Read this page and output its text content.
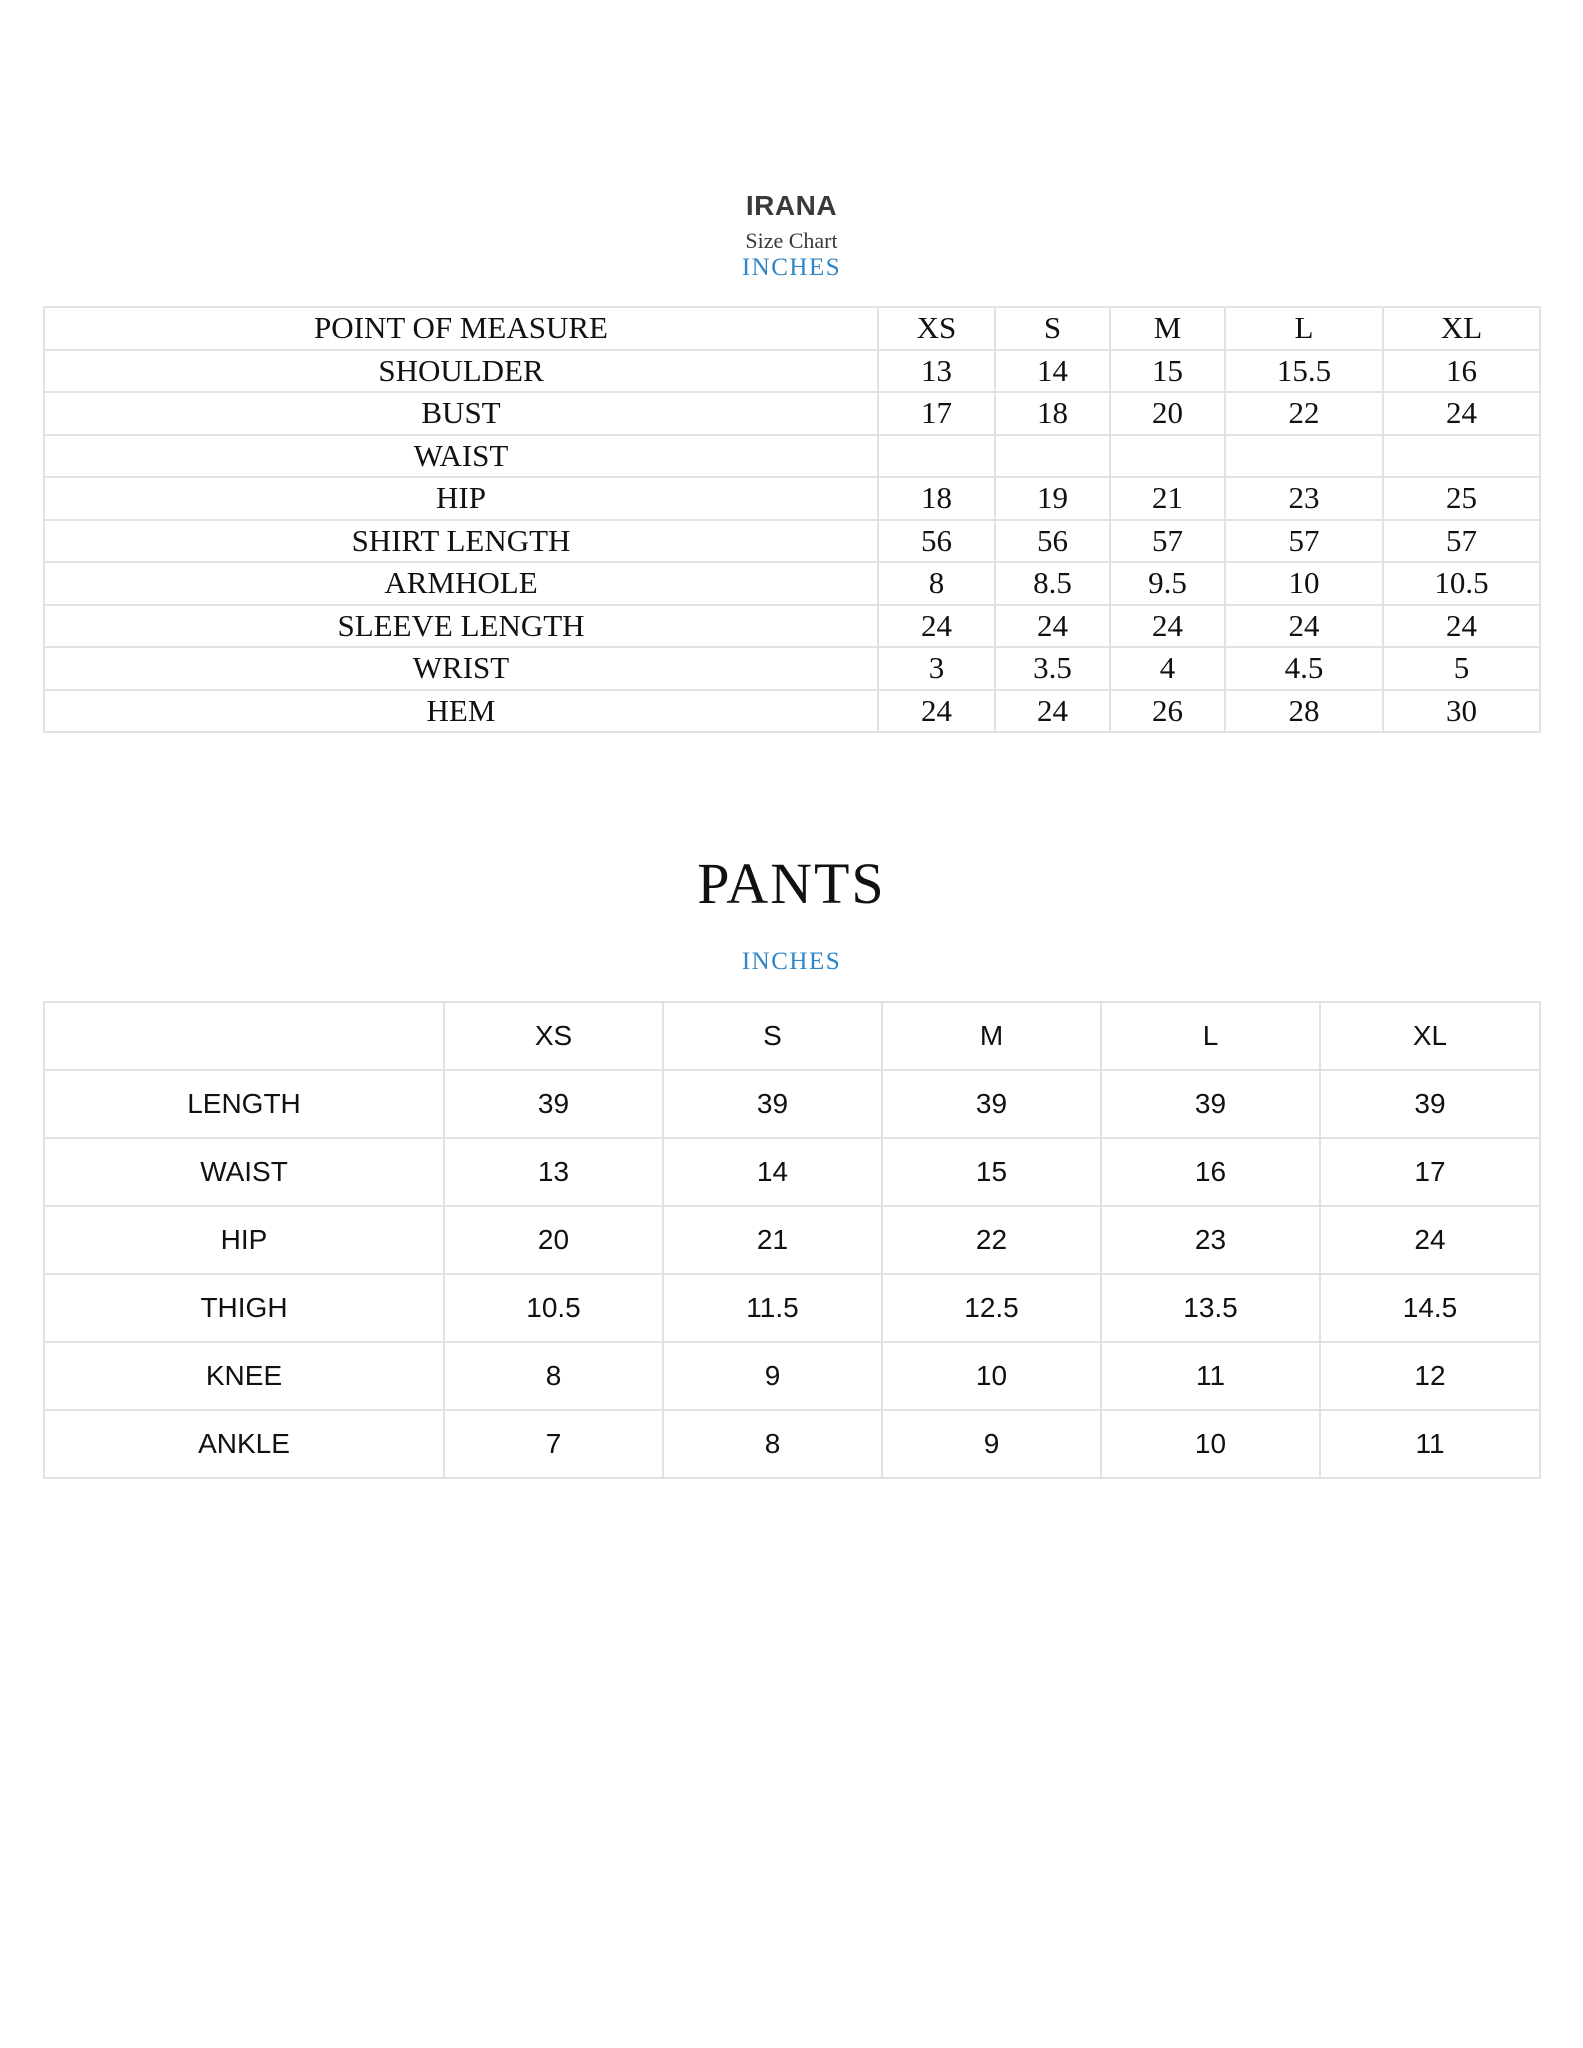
IRANA
Size Chart
INCHES
POINT OF MEASURE	XS	S	M	L	XL
SHOULDER	13	14	15	15.5	16
BUST	17	18	20	22	24
WAIST					
HIP	18	19	21	23	25
SHIRT LENGTH	56	56	57	57	57
ARMHOLE	8	8.5	9.5	10	10.5
SLEEVE LENGTH	24	24	24	24	24
WRIST	3	3.5	4	4.5	5
HEM	24	24	26	28	30
PANTS
INCHES
	XS	S	M	L	XL
LENGTH	39	39	39	39	39
WAIST	13	14	15	16	17
HIP	20	21	22	23	24
THIGH	10.5	11.5	12.5	13.5	14.5
KNEE	8	9	10	11	12
ANKLE	7	8	9	10	11
